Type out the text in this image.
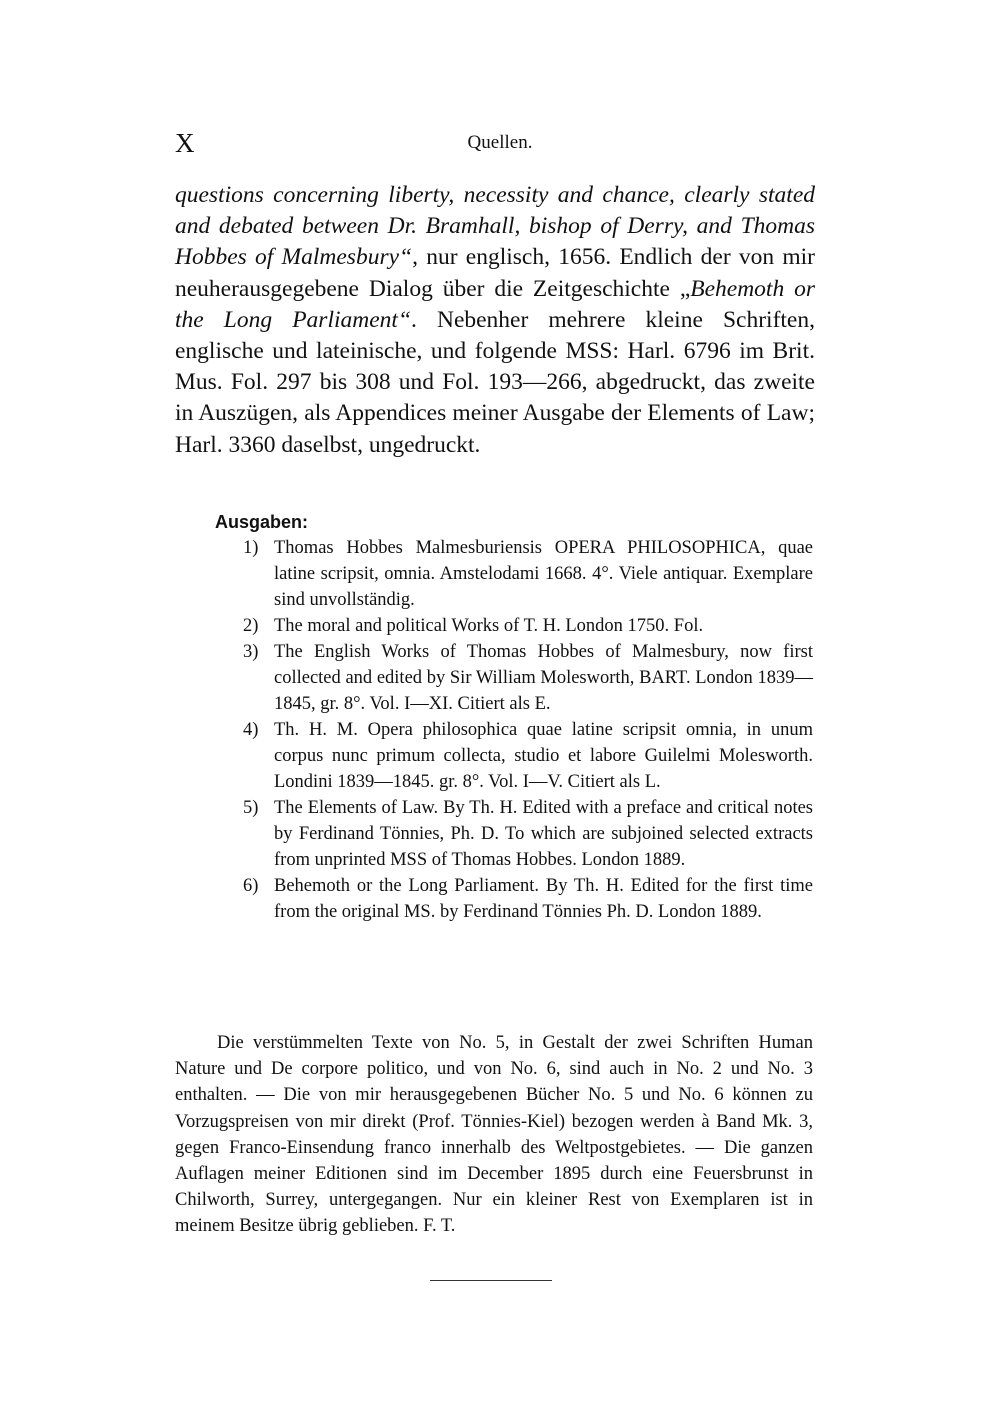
X	Quellen.
questions concerning liberty, necessity and chance, clearly stated and debated between Dr. Bramhall, bishop of Derry, and Thomas Hobbes of Malmesbury“, nur englisch, 1656. Endlich der von mir neuherausgegebene Dialog über die Zeitgeschichte „Behemoth or the Long Parliament“. Nebenher mehrere kleine Schriften, englische und lateinische, und folgende MSS: Harl. 6796 im Brit. Mus. Fol. 297 bis 308 und Fol. 193—266, abgedruckt, das zweite in Auszügen, als Appendices meiner Ausgabe der Elements of Law; Harl. 3360 daselbst, ungedruckt.
Ausgaben:
1) Thomas Hobbes Malmesburiensis OPERA PHILOSOPHICA, quae latine scripsit, omnia. Amstelodami 1668. 4°. Viele antiquar. Exemplare sind unvollständig.
2) The moral and political Works of T. H. London 1750. Fol.
3) The English Works of Thomas Hobbes of Malmesbury, now first collected and edited by Sir William Molesworth, BART. London 1839—1845, gr. 8°. Vol. I—XI. Citiert als E.
4) Th. H. M. Opera philosophica quae latine scripsit omnia, in unum corpus nunc primum collecta, studio et labore Guilelmi Molesworth. Londini 1839—1845. gr. 8°. Vol. I—V. Citiert als L.
5) The Elements of Law. By Th. H. Edited with a preface and critical notes by Ferdinand Tönnies, Ph. D. To which are subjoined selected extracts from unprinted MSS of Thomas Hobbes. London 1889.
6) Behemoth or the Long Parliament. By Th. H. Edited for the first time from the original MS. by Ferdinand Tönnies Ph. D. London 1889.
Die verstümmelten Texte von No. 5, in Gestalt der zwei Schriften Human Nature und De corpore politico, und von No. 6, sind auch in No. 2 und No. 3 enthalten. — Die von mir herausgegebenen Bücher No. 5 und No. 6 können zu Vorzugspreisen von mir direkt (Prof. Tönnies-Kiel) bezogen werden à Band Mk. 3, gegen Franco-Einsendung franco innerhalb des Weltpostgebietes. — Die ganzen Auflagen meiner Editionen sind im December 1895 durch eine Feuersbrunst in Chilworth, Surrey, untergegangen. Nur ein kleiner Rest von Exemplaren ist in meinem Besitze übrig geblieben. F. T.
